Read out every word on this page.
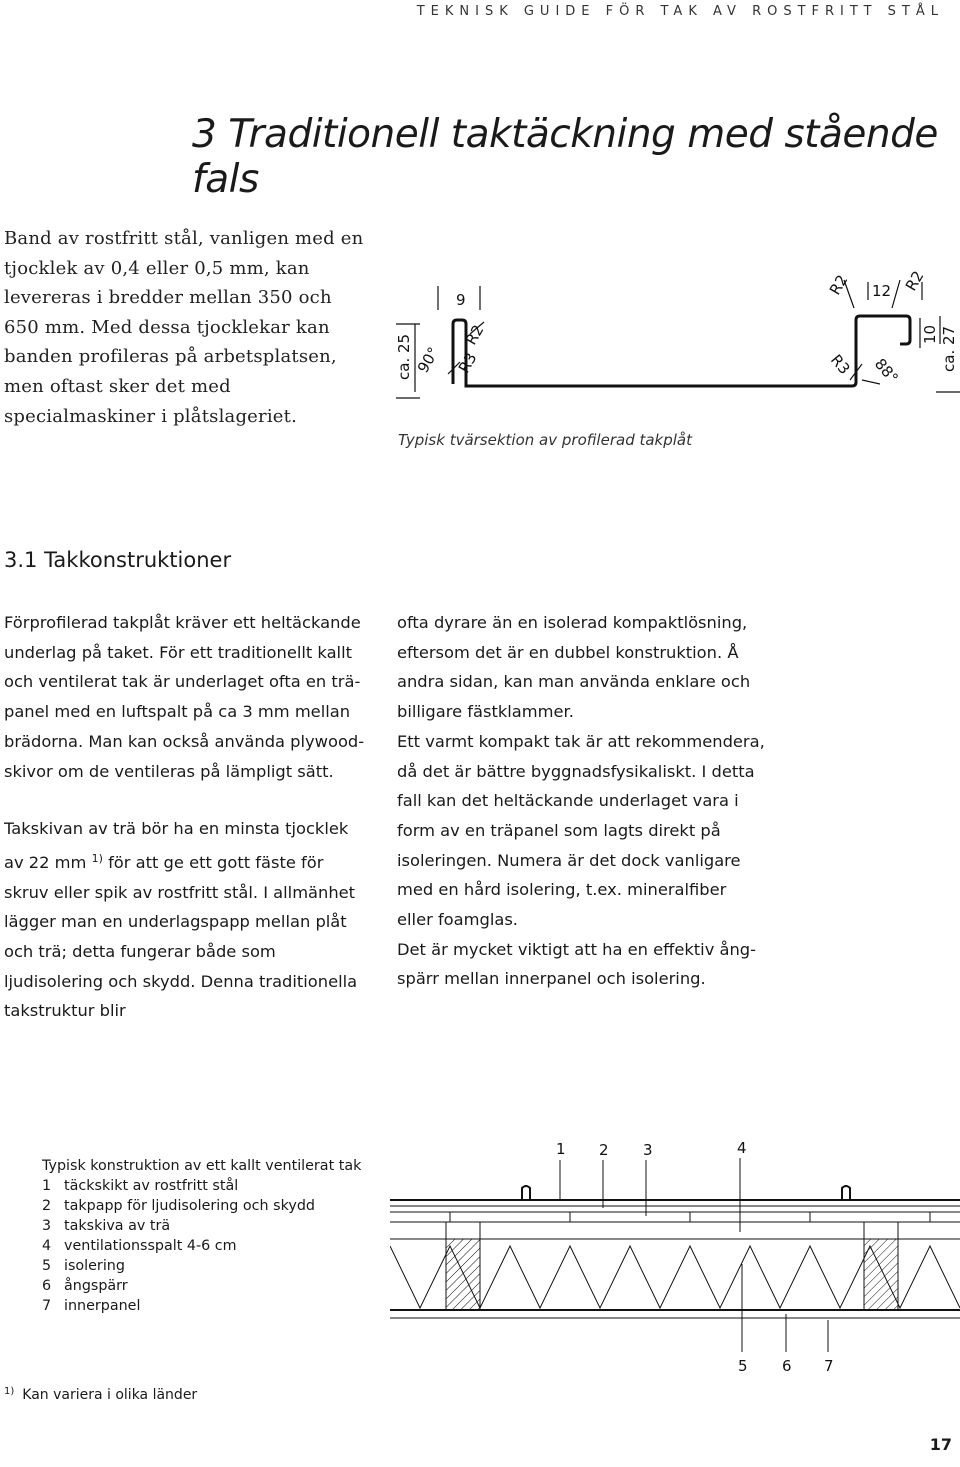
TEKNISK GUIDE FÖR TAK AV ROSTFRITT STÅL
3 Traditionell taktäckning med stående fals
Band av rostfritt stål, vanligen med en tjocklek av 0,4 eller 0,5 mm, kan levereras i bredder mellan 350 och 650 mm. Med dessa tjocklekar kan banden profileras på arbetsplatsen, men oftast sker det med specialmaskiner i plåtslageriet.
ca. 25 90°
9
R2
R3
R2 12 R2
10 ca. 27
R3 88°
Typisk tvärsektion av profilerad takplåt
3.1 Takkonstruktioner

Förprofilerad takplåt kräver ett heltäckande underlag på taket. För ett traditionellt kallt och ventilerat tak är underlaget ofta en trä-panel med en luftspalt på ca 3 mm mellan brädorna. Man kan också använda plywood-skivor om de ventileras på lämpligt sätt.

Takskivan av trä bör ha en minsta tjocklek av 22 mm $^{1)}$ för att ge ett gott fäste för skruv eller spik av rostfritt stål. I allmänhet lägger man en underlagspapp mellan plåt och trä; detta fungerar både som ljudisolering och skydd. Denna traditionella takstruktur blir

ofta dyrare än en isolerad kompaktlösning, eftersom det är en dubbel konstruktion. Å andra sidan, kan man använda enklare och billigare fästklammer.

Ett varmt kompakt tak är att rekommendera, då det är bättre byggnadsfysikaliskt. I detta fall kan det heltäckande underlaget vara i form av en träpanel som lagts direkt på isoleringen. Numera är det dock vanligare med en hård isolering, t.ex. mineralfiber eller foamglas.

Det är mycket viktigt att ha en effektiv ång-spärr mellan innerpanel och isolering.

Typisk konstruktion av ett kallt ventilerat tak
1 täckskikt av rostfritt stål
2 takpapp för ljudisolering och skydd
3 takskiva av trä
4 ventilationsspalt 4-6 cm
5 isolering
6 ångspärr
7 innerpanel
1 2 3	4
5 6 7
$^{1)}$ Kan variera i olika länder
17
